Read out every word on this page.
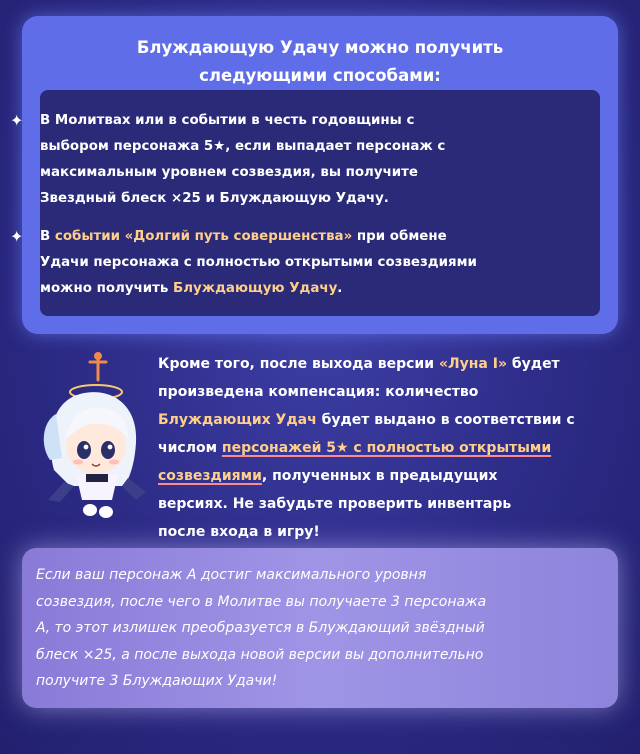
Блуждающую Удачу можно получить
следующими способами:
✦ В Молитвах или в событии в честь годовщины с
выбором персонажа 5★, если выпадает персонаж с
максимальным уровнем созвездия, вы получите
Звездный блеск ×25 и Блуждающую Удачу.
✦ В событии «Долгий путь совершенства» при обмене
Удачи персонажа с полностью открытыми созвездиями
можно получить Блуждающую Удачу.
Кроме того, после выхода версии «Луна I» будет
произведена компенсация: количество
Блуждающих Удач будет выдано в соответствии с
числом персонажей 5★ с полностью открытыми
созвездиями, полученных в предыдущих
версиях. Не забудьте проверить инвентарь
после входа в игру!
Если ваш персонаж А достиг максимального уровня
созвездия, после чего в Молитве вы получаете 3 персонажа
А, то этот излишек преобразуется в Блуждающий звёздный
блеск ×25, а после выхода новой версии вы дополнительно
получите 3 Блуждающих Удачи!
